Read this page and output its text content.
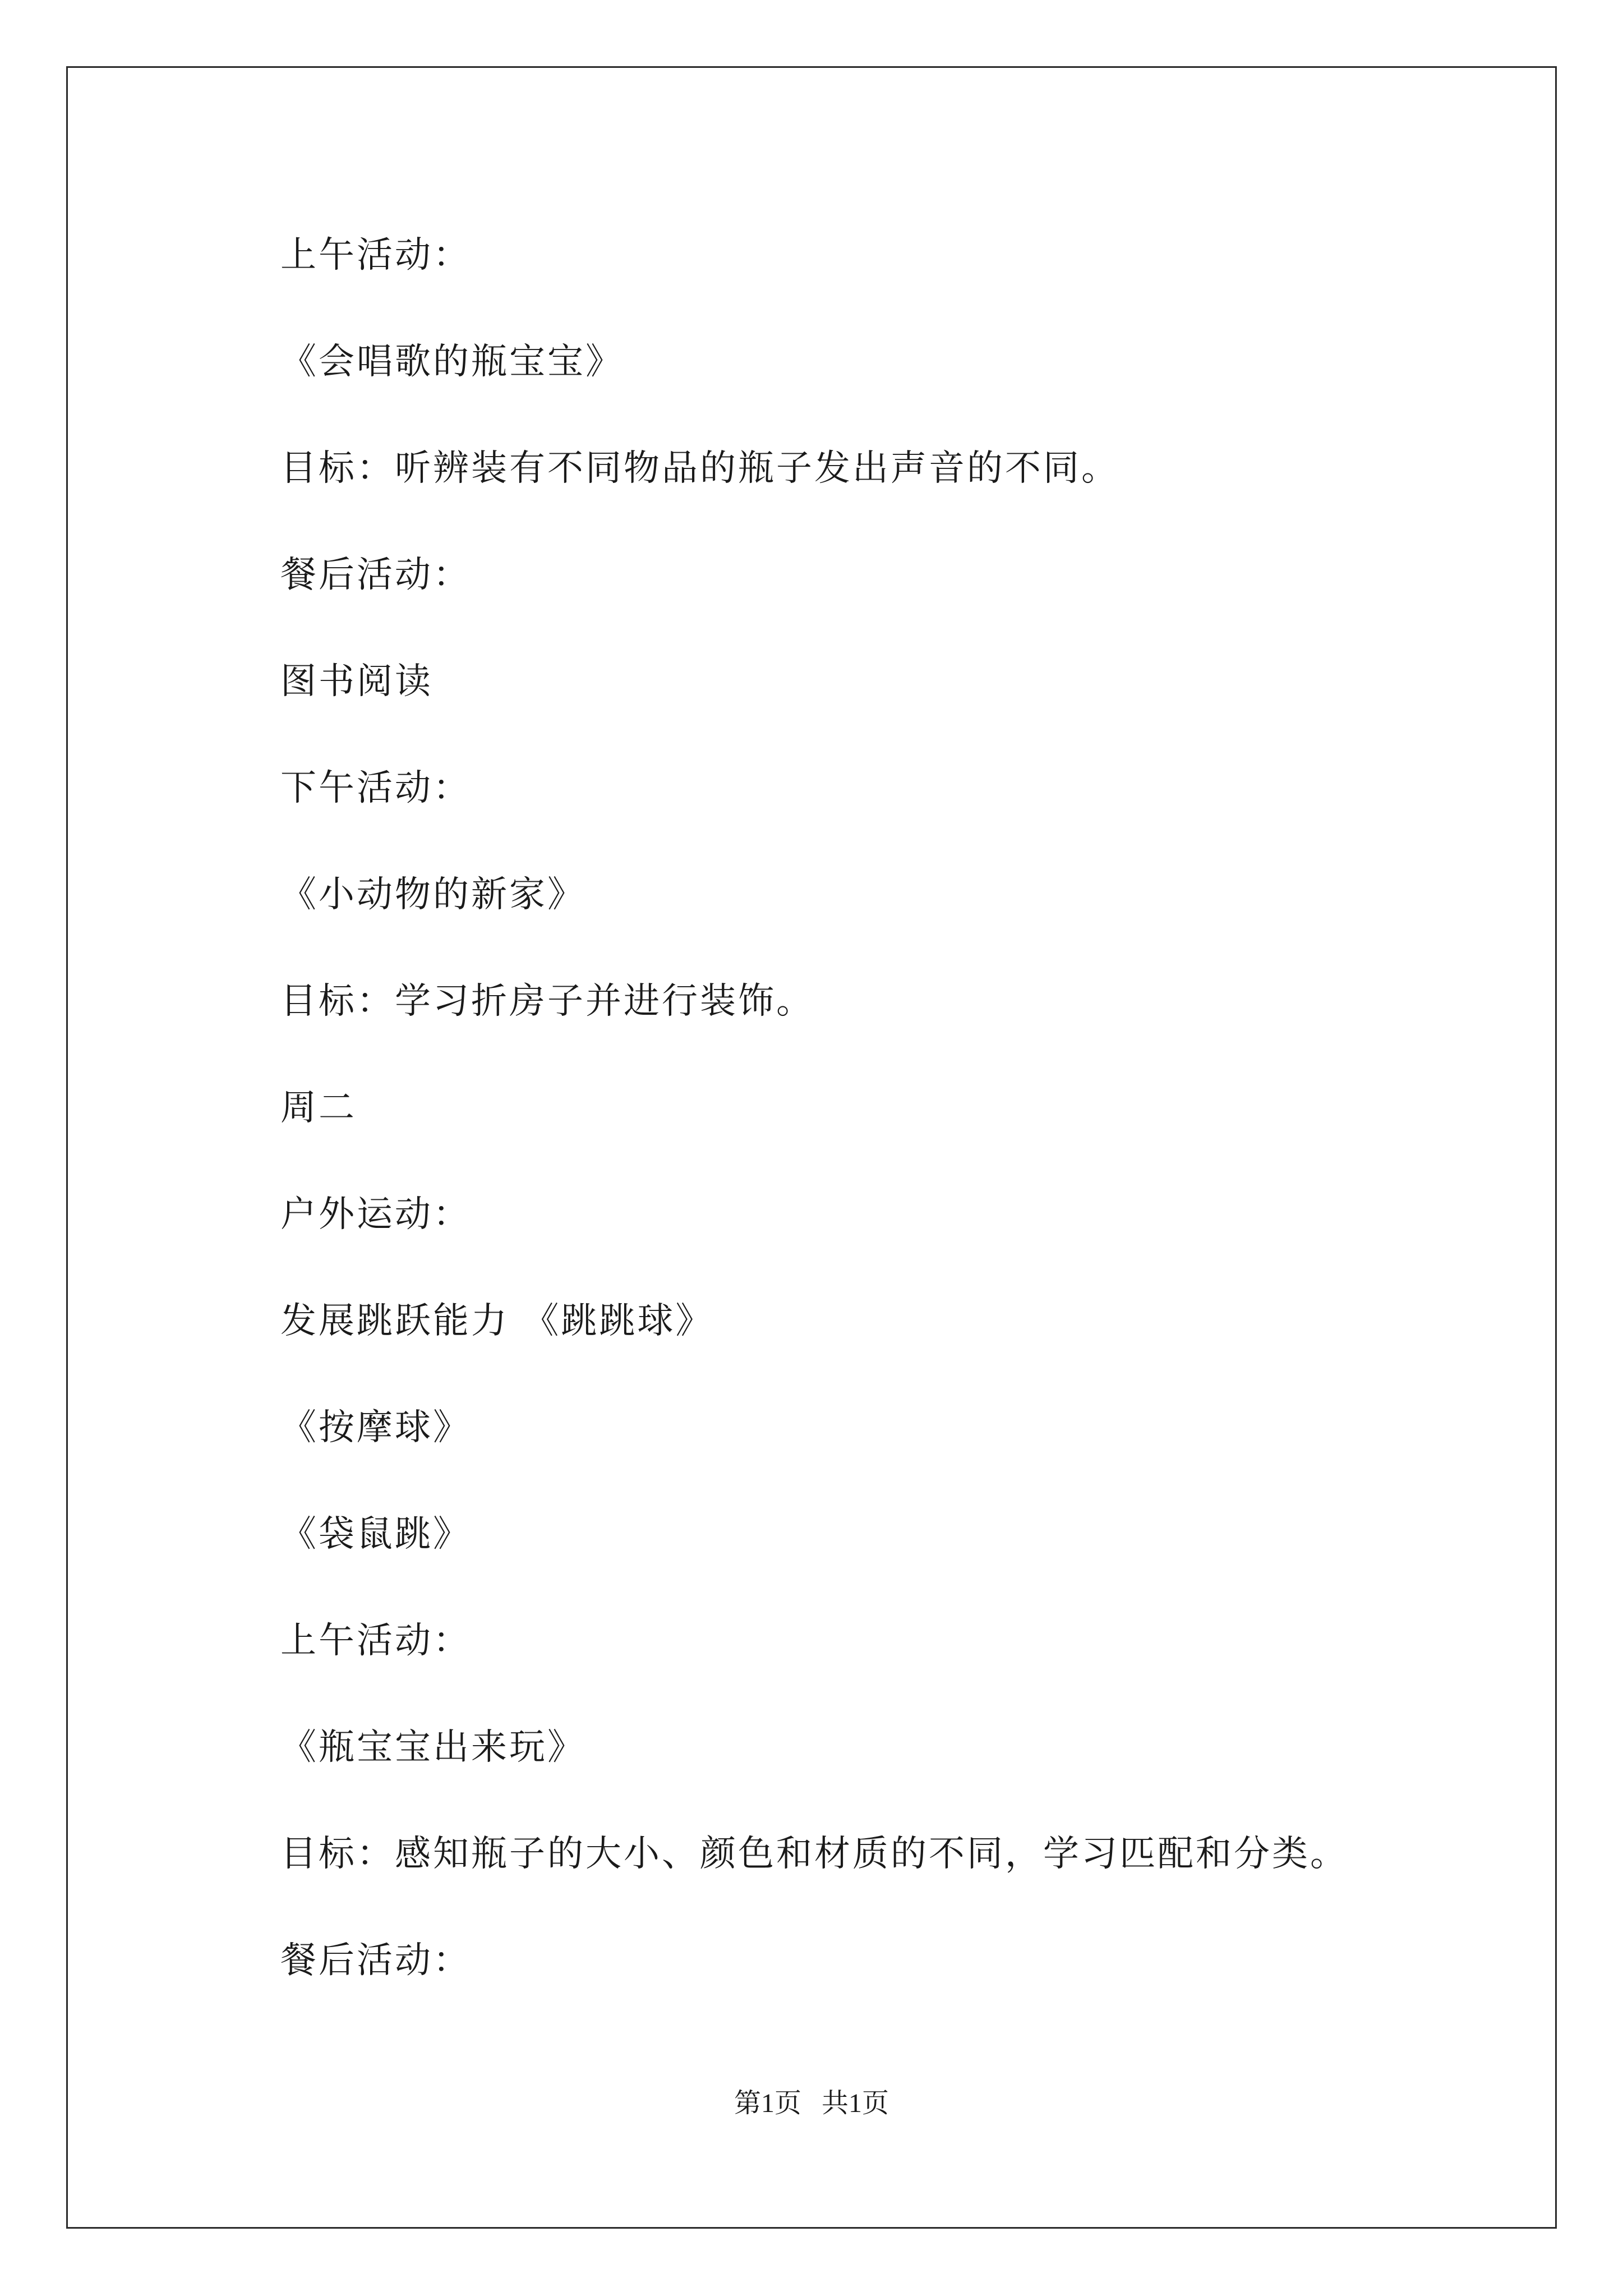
上午活动：
《会唱歌的瓶宝宝》
目标：听辨装有不同物品的瓶子发出声音的不同。
餐后活动：
图书阅读
下午活动：
《小动物的新家》
目标：学习折房子并进行装饰。
周二
户外运动：
发展跳跃能力 《跳跳球》
《按摩球》
《袋鼠跳》
上午活动：
《瓶宝宝出来玩》
目标：感知瓶子的大小、颜色和材质的不同，学习匹配和分类。
餐后活动：
第1页   共1页
